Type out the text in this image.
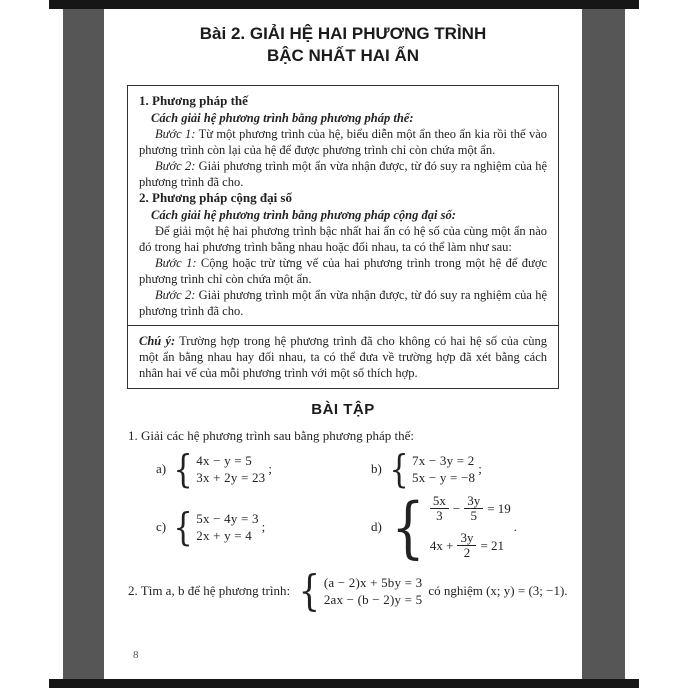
Bài 2. GIẢI HỆ HAI PHƯƠNG TRÌNH
BẬC NHẤT HAI ẨN

1. Phương pháp thế

Cách giải hệ phương trình bằng phương pháp thế:

Bước 1: Từ một phương trình của hệ, biểu diễn một ẩn theo ẩn kia rồi thế vào phương trình còn lại của hệ để được phương trình chỉ còn chứa một ẩn.

Bước 2: Giải phương trình một ẩn vừa nhận được, từ đó suy ra nghiệm của hệ phương trình đã cho.

2. Phương pháp cộng đại số

Cách giải hệ phương trình bằng phương pháp cộng đại số:

Để giải một hệ hai phương trình bậc nhất hai ẩn có hệ số của cùng một ẩn nào đó trong hai phương trình bằng nhau hoặc đối nhau, ta có thể làm như sau:

Bước 1: Cộng hoặc trừ từng vế của hai phương trình trong một hệ để được phương trình chỉ còn chứa một ẩn.

Bước 2: Giải phương trình một ẩn vừa nhận được, từ đó suy ra nghiệm của hệ phương trình đã cho.

Chú ý: Trường hợp trong hệ phương trình đã cho không có hai hệ số của cùng một ẩn bằng nhau hay đối nhau, ta có thể đưa về trường hợp đã xét bằng cách nhân hai vế của mỗi phương trình với một số thích hợp.

BÀI TẬP

1. Giải các hệ phương trình sau bằng phương pháp thế:

a) { 4x − y = 5
3x + 2y = 23
;	b) { 7x − 3y = 2
5x − y = −8
;
c) { 5x − 4y = 3
2x + y = 4
;	d) { $\frac{5x}{3} - \frac{3y}{5} = 19$
$4x + \frac{3y}{2} = 21$
.
2. Tìm a, b để hệ phương trình: { (a − 2)x + 5by = 3
2ax − (b − 2)y = 5
có nghiệm (x; y) = (3; −1).
8
